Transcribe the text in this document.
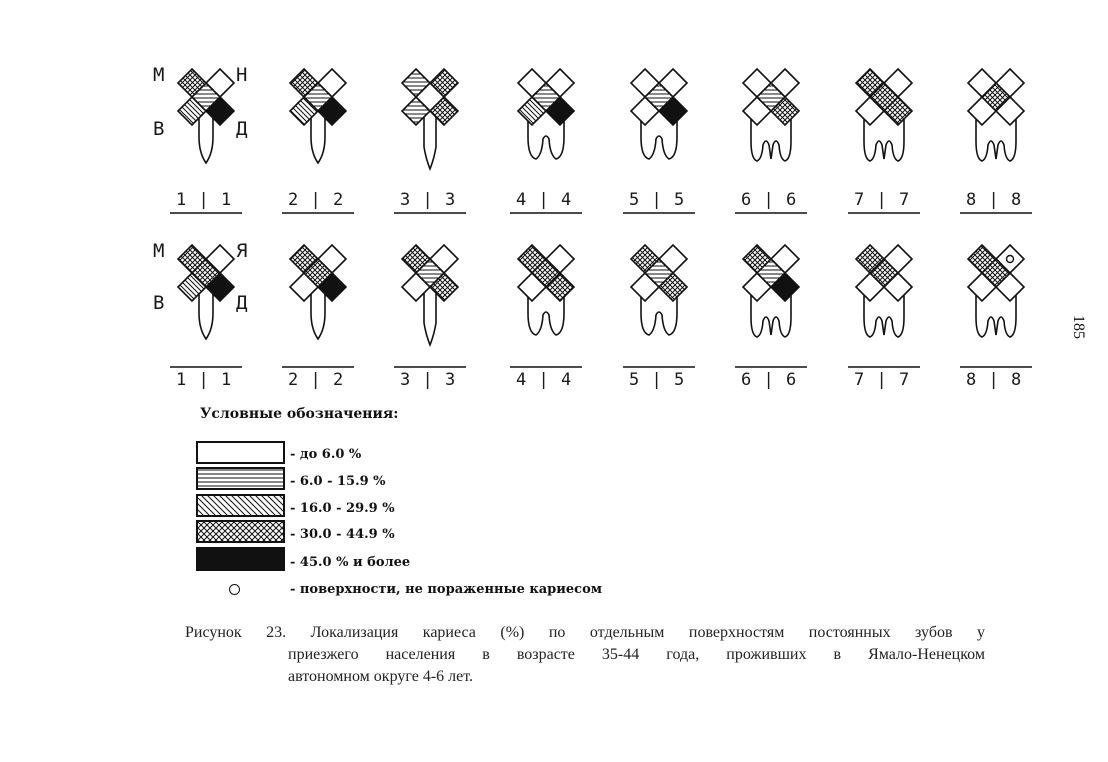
М	Н
В	Д
М	Я
В	Д
1 | 1	2 | 2	3 | 3	4 | 4	5 | 5	6 | 6	7 | 7	8 | 8
1 | 1	2 | 2	3 | 3	4 | 4	5 | 5	6 | 6	7 | 7	8 | 8
Условные обозначения:
- до 6.0 %
- 6.0 - 15.9 %
- 16.0 - 29.9 %
- 30.0 - 44.9 %
- 45.0 % и более
- поверхности, не пораженные кариесом
Рисунок 23. Локализация кариеса (%) по отдельным поверхностям постоянных зубов у
приезжего населения в возрасте 35-44 года, проживших в Ямало-Ненецком
автономном округе 4-6 лет.
185
